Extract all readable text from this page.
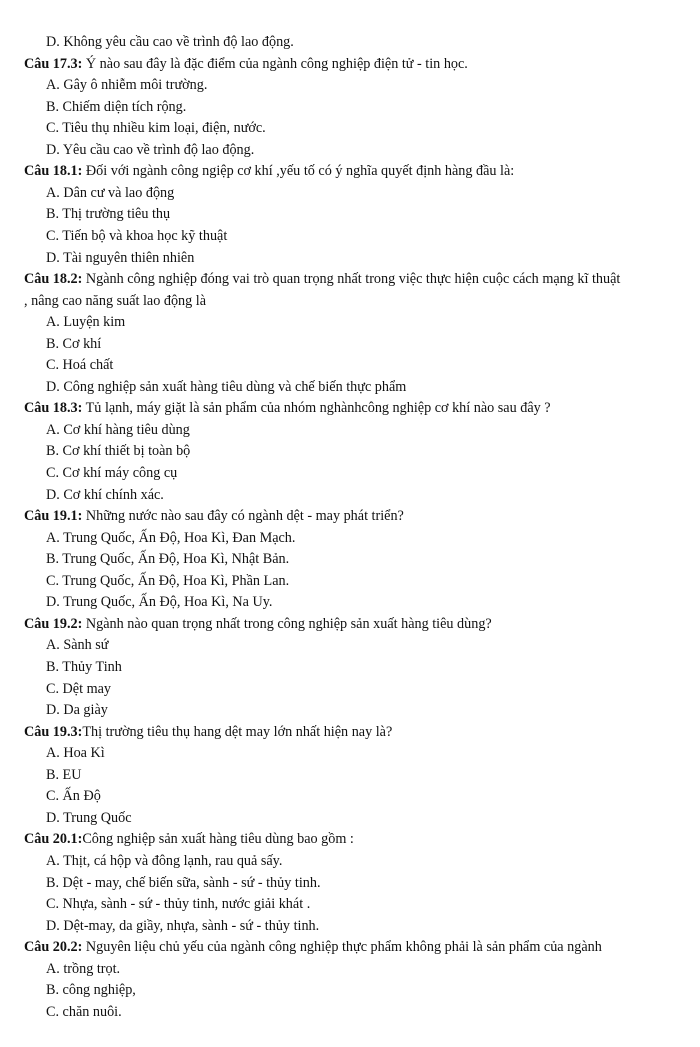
D. Không yêu cầu cao về trình độ lao động.
Câu 17.3: Ý nào sau đây là đặc điểm của ngành công nghiệp điện tử - tin học.
A. Gây ô nhiễm môi trường.
B. Chiếm diện tích rộng.
C. Tiêu thụ nhiều kim loại, điện, nước.
D. Yêu cầu cao về trình độ lao động.
Câu 18.1: Đối với ngành công ngiệp cơ khí ,yếu tố có ý nghĩa quyết định hàng đầu là:
A. Dân cư và lao động
B. Thị trường tiêu thụ
C. Tiến bộ và khoa học kỹ thuật
D. Tài nguyên thiên nhiên
Câu 18.2: Ngành công nghiệp đóng vai trò quan trọng nhất trong việc thực hiện cuộc cách mạng kĩ thuật
, nâng cao năng suất lao động là
A. Luyện kim
B. Cơ khí
C. Hoá chất
D. Công nghiệp sản xuất hàng tiêu dùng và chế biến thực phẩm
Câu 18.3: Tủ lạnh, máy giặt là sản phẩm của nhóm nghànhcông nghiệp cơ khí nào sau đây ?
A. Cơ khí hàng tiêu dùng
B. Cơ khí thiết bị toàn bộ
C. Cơ khí máy công cụ
D. Cơ khí chính xác.
Câu 19.1: Những nước nào sau đây có ngành dệt - may phát triển?
A. Trung Quốc, Ấn Độ, Hoa Kì, Đan Mạch.
B. Trung Quốc, Ấn Độ, Hoa Kì, Nhật Bản.
C. Trung Quốc, Ấn Độ, Hoa Kì, Phần Lan.
D. Trung Quốc, Ấn Độ, Hoa Kì, Na Uy.
Câu 19.2: Ngành nào quan trọng nhất trong công nghiệp sản xuất hàng tiêu dùng?
A. Sành sứ
B. Thủy Tinh
C. Dệt may
D. Da giày
Câu 19.3:Thị trường tiêu thụ hang dệt may lớn nhất hiện nay là?
A. Hoa Kì
B. EU
C. Ấn Độ
D. Trung Quốc
Câu 20.1:Công nghiệp sản xuất hàng tiêu dùng bao gồm :
A. Thịt, cá hộp và đông lạnh, rau quả sấy.
B. Dệt - may, chế biến sữa, sành - sứ - thủy tinh.
C. Nhựa, sành - sứ - thủy tinh, nước giải khát .
D. Dệt-may, da giầy, nhựa, sành - sứ - thủy tinh.
Câu 20.2: Nguyên liệu chủ yếu của ngành công nghiệp thực phẩm không phải là sản phẩm của ngành
A. trồng trọt.
B. công nghiệp,
C. chăn nuôi.
